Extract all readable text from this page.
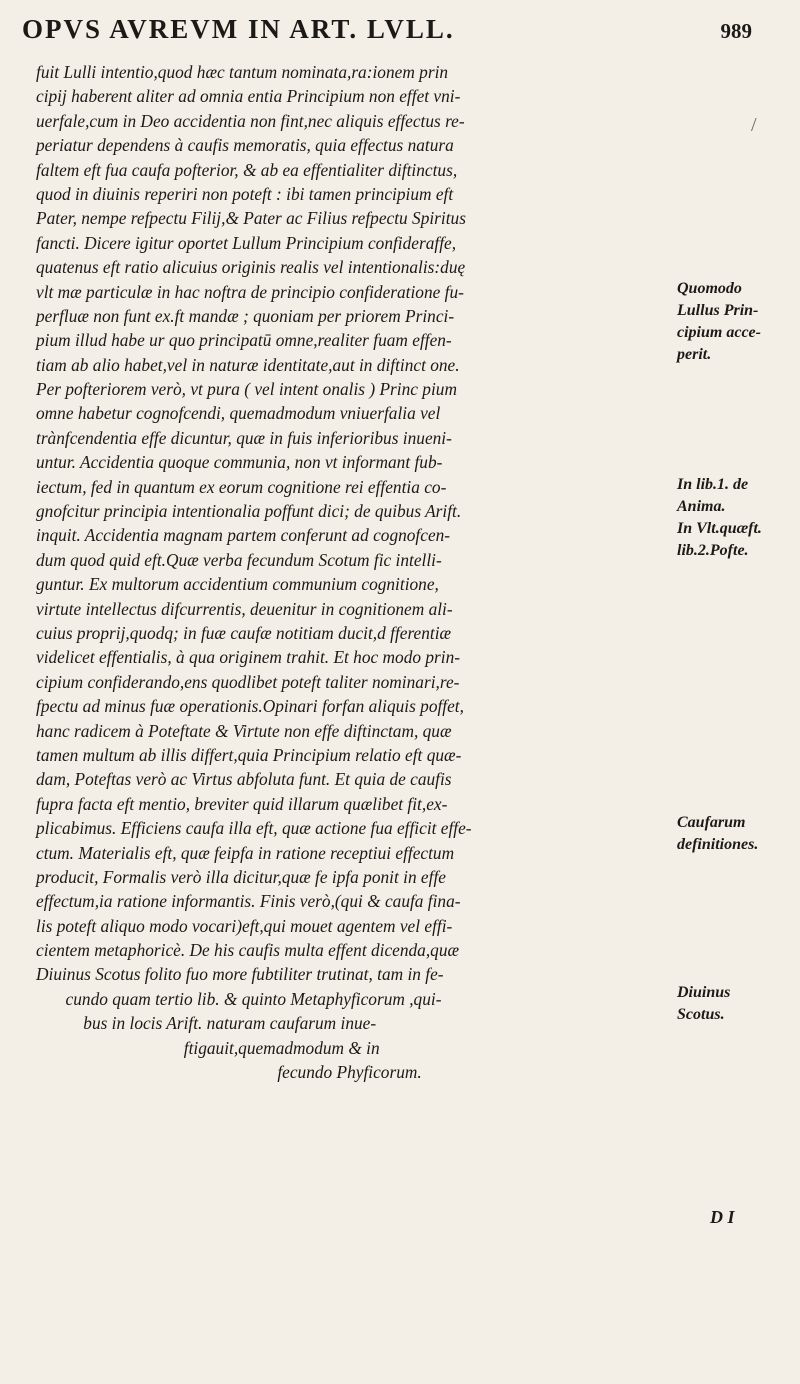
OPVS AVREVM IN ART. LVLL.	989
fuit Lulli intentio,quod hæc tantum nominata,ra:ionem prin
cipij haberent aliter ad omnia entia Principium non effet vni-
uerfale,cum in Deo accidentia non fint,nec aliquis effectus re-
periatur dependens à caufis memoratis, quia effectus natura
faltem eft fua caufa pofterior, & ab ea effentialiter diftinctus,
quod in diuinis reperiri non poteft : ibi tamen principium eft
Pater, nempe refpectu Filij,& Pater ac Filius refpectu Spiritus
fancti. Dicere igitur oportet Lullum Principium confideraffe,
quatenus eft ratio alicuius originis realis vel intentionalis:duę
vlt mæ particulæ in hac noftra de principio confideratione fu-
perfluæ non funt ex.ft mandæ ; quoniam per priorem Princi-
pium illud habe ur quo principatū omne,realiter fuam effen-
tiam ab alio habet,vel in naturæ identitate,aut in diftinct one.
Per pofteriorem verò, vt pura ( vel intent onalis ) Princ pium
omne habetur cognofcendi, quemadmodum vniuerfalia vel
trànfcendentia effe dicuntur, quæ in fuis inferioribus inueni-
untur. Accidentia quoque communia, non vt informant fub-
iectum, fed in quantum ex eorum cognitione rei effentia co-
gnofcitur principia intentionalia poffunt dici; de quibus Arift.
inquit. Accidentia magnam partem conferunt ad cognofcen-
dum quod quid eft.Quæ verba fecundum Scotum fic intelli-
guntur. Ex multorum accidentium communium cognitione,
virtute intellectus difcurrentis, deuenitur in cognitionem ali-
cuius proprij,quodq; in fuæ caufæ notitiam ducit,d fferentiæ
videlicet effentialis, à qua originem trahit. Et hoc modo prin-
cipium confiderando,ens quodlibet poteft taliter nominari,re-
fpectu ad minus fuæ operationis.Opinari forfan aliquis poffet,
hanc radicem à Poteftate & Virtute non effe diftinctam, quæ
tamen multum ab illis differt,quia Principium relatio eft quæ-
dam, Poteftas verò ac Virtus abfoluta funt. Et quia de caufis
fupra facta eft mentio, breviter quid illarum quælibet fit,ex-
plicabimus. Efficiens caufa illa eft, quæ actione fua efficit effe-
ctum. Materialis eft, quæ feipfa in ratione receptiui effectum
producit, Formalis verò illa dicitur,quæ fe ipfa ponit in effe
effectum,ia ratione informantis. Finis verò,(qui & caufa fina-
lis poteft aliquo modo vocari)eft,qui mouet agentem vel effi-
cientem metaphoricè. De his caufis multa effent dicenda,quæ
Diuinus Scotus folito fuo more fubtiliter trutinat, tam in fe-
cundo quam tertio lib. & quinto Metaphyficorum ,qui-
bus in locis Arift. naturam caufarum inue-
ftigauit,quemadmodum & in
fecundo Phyficorum.
Quomodo
Lullus Prin-
cipium acce-
perit.
In lib.1. de
Anima.
In Vlt.quæft.
lib.2.Pofte.
Caufarum
definitiones.
Diuinus
Scotus.
/
D I
